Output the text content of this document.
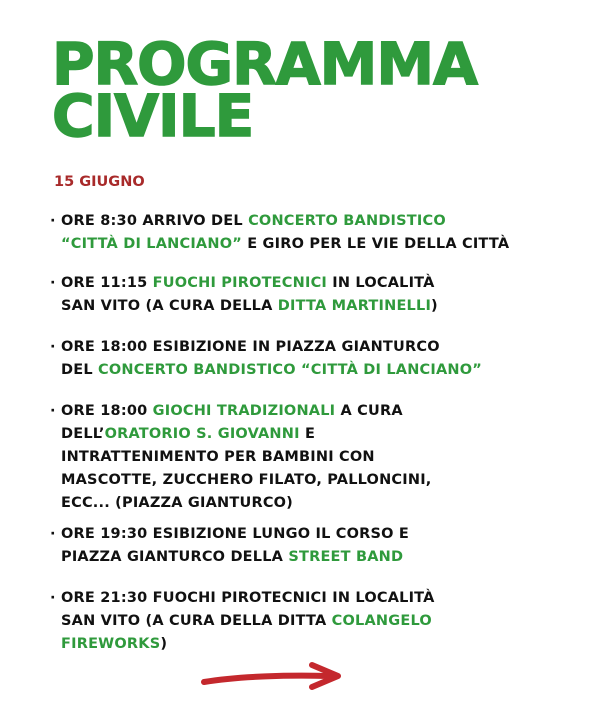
PROGRAMMA
CIVILE

15 GIUGNO

· ORE 8:30 ARRIVO DEL CONCERTO BANDISTICO
“CITTÀ DI LANCIANO” E GIRO PER LE VIE DELLA CITTÀ
· ORE 11:15 FUOCHI PIROTECNICI IN LOCALITÀ
SAN VITO (A CURA DELLA DITTA MARTINELLI)
· ORE 18:00 ESIBIZIONE IN PIAZZA GIANTURCO
DEL CONCERTO BANDISTICO “CITTÀ DI LANCIANO”
· ORE 18:00 GIOCHI TRADIZIONALI A CURA
DELL’ORATORIO S. GIOVANNI E
INTRATTENIMENTO PER BAMBINI CON
MASCOTTE, ZUCCHERO FILATO, PALLONCINI,
ECC... (PIAZZA GIANTURCO)
· ORE 19:30 ESIBIZIONE LUNGO IL CORSO E
PIAZZA GIANTURCO DELLA STREET BAND
· ORE 21:30 FUOCHI PIROTECNICI IN LOCALITÀ
SAN VITO (A CURA DELLA DITTA COLANGELO
FIREWORKS)
